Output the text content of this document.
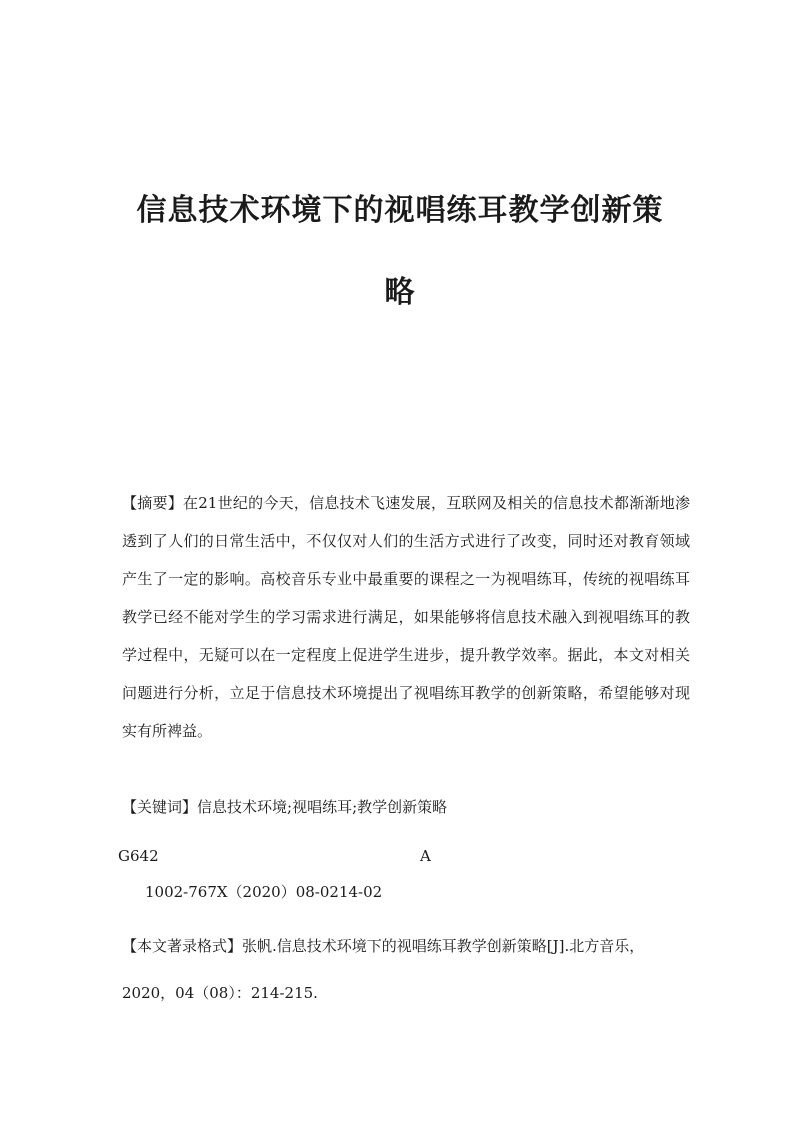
信息技术环境下的视唱练耳教学创新策
略

【摘要】在21世纪的今天，信息技术飞速发展，互联网及相关的信息技术都渐渐地渗透到了人们的日常生活中，不仅仅对人们的生活方式进行了改变，同时还对教育领域产生了一定的影响。高校音乐专业中最重要的课程之一为视唱练耳，传统的视唱练耳教学已经不能对学生的学习需求进行满足，如果能够将信息技术融入到视唱练耳的教学过程中，无疑可以在一定程度上促进学生进步，提升教学效率。据此，本文对相关问题进行分析，立足于信息技术环境提出了视唱练耳教学的创新策略，希望能够对现实有所裨益。

【关键词】信息技术环境;视唱练耳;教学创新策略

G642	A

1002-767X（2020）08-0214-02

【本文著录格式】张帆.信息技术环境下的视唱练耳教学创新策略[J].北方音乐，2020，04（08）：214-215.
